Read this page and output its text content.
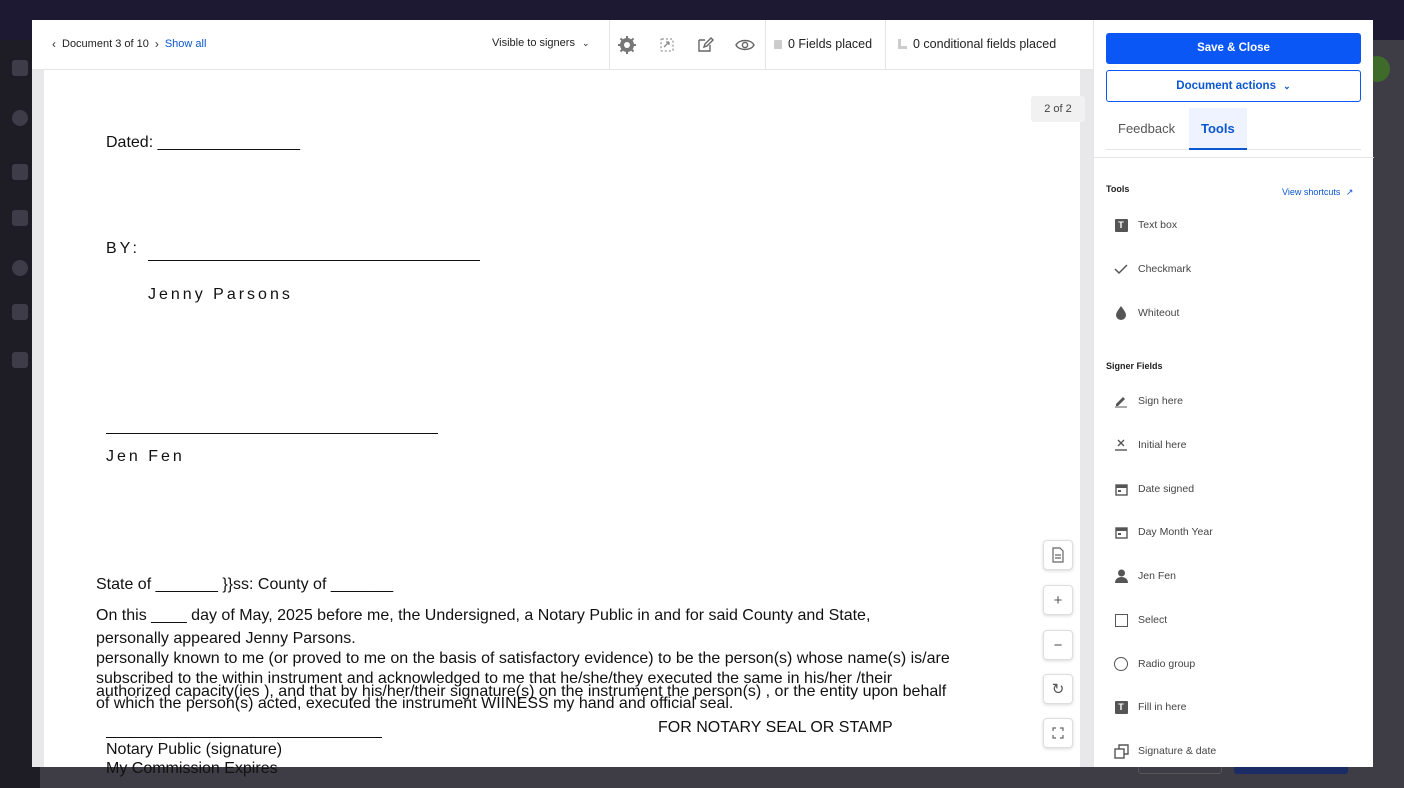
‹ Document 3 of 10 › Show all	Visible to signers ⌄	0 Fields placed	0 conditional fields placed
2 of 2
Dated: ________________
BY:
Jenny Parsons
Jen Fen
State of _______ }}ss: County of _______
On this ____ day of May, 2025 before me, the Undersigned, a Notary Public in and for said County and State,
personally appeared Jenny Parsons.
personally known to me (or proved to me on the basis of satisfactory evidence) to be the person(s) whose name(s) is/are
subscribed to the within instrument and acknowledged to me that he/she/they executed the same in his/her /their
authorized capacity(ies ), and that by his/her/their signature(s) on the instrument the person(s) , or the entity upon behalf
of which the person(s) acted, executed the instrument WIINESS my hand and official seal.
FOR NOTARY SEAL OR STAMP
Notary Public (signature)
My Commission Expires
+
−
↻
Save & Close
Document actions ⌄
Feedback	Tools
Tools	View shortcuts ↗
T	Text box
Checkmark
Whiteout
Signer Fields
Sign here
Initial here
Date signed
Day Month Year
Jen Fen
Select
Radio group
T	Fill in here
Signature & date
